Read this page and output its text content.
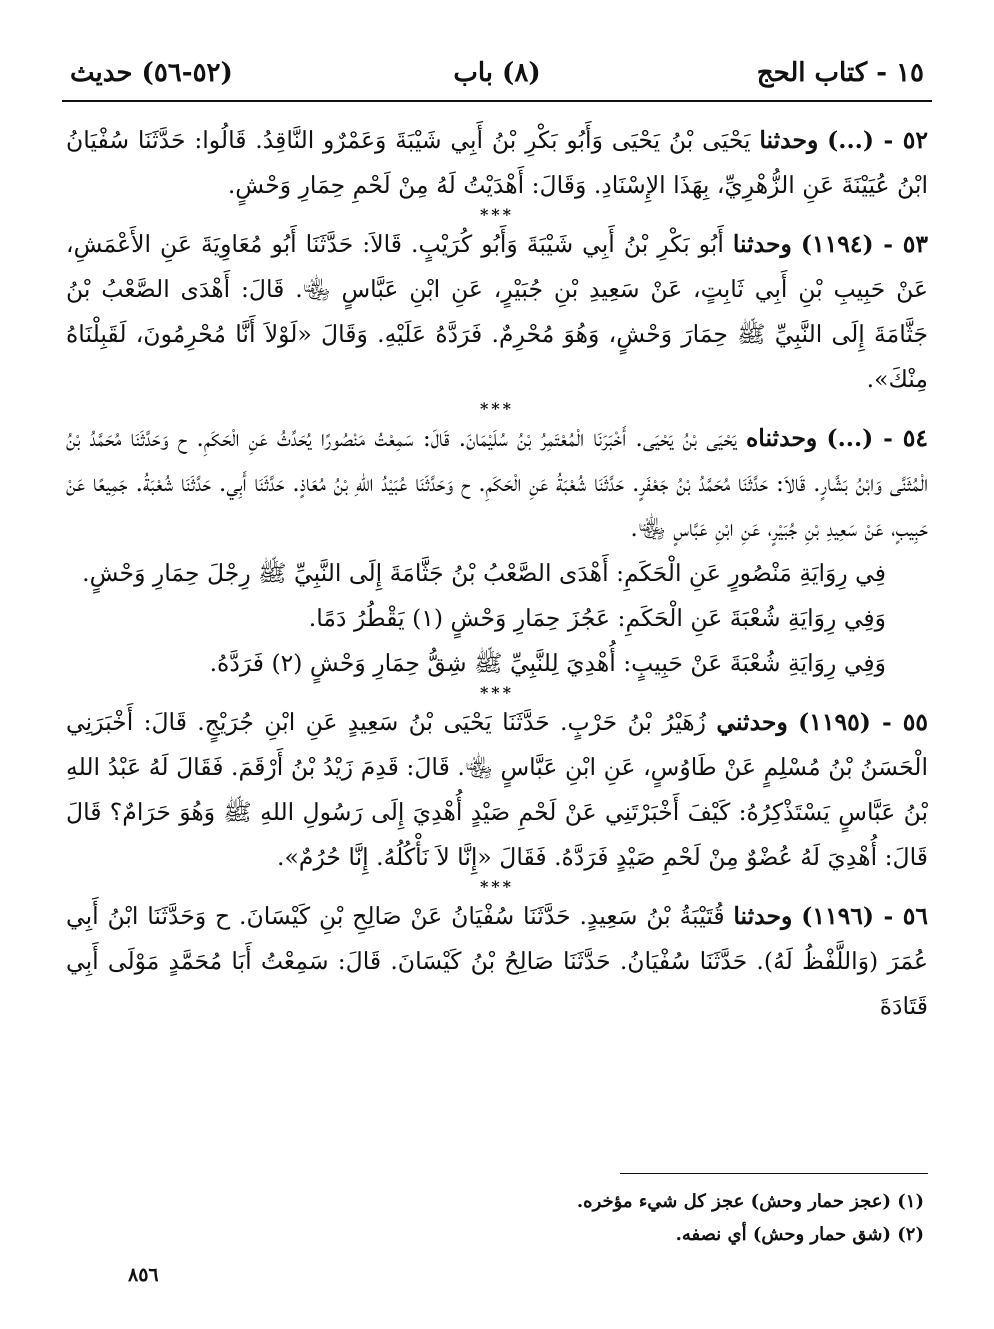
١٥ - كتاب الحج
(٨) باب
(٥٢-٥٦) حديث

٥٢ - (...) وحدثنا يَحْيَى بْنُ يَحْيَى وَأَبُو بَكْرِ بْنُ أَبِي شَيْبَةَ وَعَمْرٌو النَّاقِدُ. قَالُوا: حَدَّثَنَا سُفْيَانُ ابْنُ عُيَيْنَةَ عَنِ الزُّهْرِيِّ، بِهَذَا الإِسْنَادِ. وَقَالَ: أَهْدَيْتُ لَهُ مِنْ لَحْمِ حِمَارِ وَحْشٍ.

***

٥٣ - (١١٩٤) وحدثنا أَبُو بَكْرِ بْنُ أَبِي شَيْبَةَ وَأَبُو كُرَيْبٍ. قَالاَ: حَدَّثَنَا أَبُو مُعَاوِيَةَ عَنِ الأَعْمَشِ، عَنْ حَبِيبِ بْنِ أَبِي ثَابِتٍ، عَنْ سَعِيدِ بْنِ جُبَيْرٍ، عَنِ ابْنِ عَبَّاسٍ ﵄. قَالَ: أَهْدَى الصَّعْبُ بْنُ جَثَّامَةَ إِلَى النَّبِيِّ ﷺ حِمَارَ وَحْشٍ، وَهُوَ مُحْرِمٌ. فَرَدَّهُ عَلَيْهِ. وَقَالَ «لَوْلاَ أَنَّا مُحْرِمُونَ، لَقَبِلْنَاهُ مِنْكَ».

***

٥٤ - (...) وحدثناه يَحْيَى بْنُ يَحْيَى. أَخْبَرَنَا الْمُعْتَمِرُ بْنُ سُلَيْمَانَ. قَالَ: سَمِعْتُ مَنْصُورًا يُحَدِّثُ عَنِ الْحَكَمِ. ح وَحَدَّثَنَا مُحَمَّدُ بْنُ الْمُثَنَّى وَابْنُ بَشَّارٍ. قَالاَ: حَدَّثَنَا مُحَمَّدُ بْنُ جَعْفَرٍ. حَدَّثَنَا شُعْبَةُ عَنِ الْحَكَمِ. ح وَحَدَّثَنَا عُبَيْدُ اللهِ بْنُ مُعَاذٍ. حَدَّثَنَا أَبِي. حَدَّثَنَا شُعْبَةُ. جَمِيعًا عَنْ حَبِيبٍ، عَنْ سَعِيدِ بْنِ جُبَيْرٍ، عَنِ ابْنِ عَبَّاسٍ ﵄.

فِي رِوَايَةِ مَنْصُورٍ عَنِ الْحَكَمِ: أَهْدَى الصَّعْبُ بْنُ جَثَّامَةَ إِلَى النَّبِيِّ ﷺ رِجْلَ حِمَارِ وَحْشٍ.

وَفِي رِوَايَةِ شُعْبَةَ عَنِ الْحَكَمِ: عَجُزَ حِمَارِ وَحْشٍ (١) يَقْطُرُ دَمًا.

وَفِي رِوَايَةِ شُعْبَةَ عَنْ حَبِيبٍ: أُهْدِيَ لِلنَّبِيِّ ﷺ شِقُّ حِمَارِ وَحْشٍ (٢) فَرَدَّهُ.

***

٥٥ - (١١٩٥) وحدثني زُهَيْرُ بْنُ حَرْبٍ. حَدَّثَنَا يَحْيَى بْنُ سَعِيدٍ عَنِ ابْنِ جُرَيْجٍ. قَالَ: أَخْبَرَنِي الْحَسَنُ بْنُ مُسْلِمٍ عَنْ طَاوُسٍ، عَنِ ابْنِ عَبَّاسٍ ﵄. قَالَ: قَدِمَ زَيْدُ بْنُ أَرْقَمَ. فَقَالَ لَهُ عَبْدُ اللهِ بْنُ عَبَّاسٍ يَسْتَذْكِرُهُ: كَيْفَ أَخْبَرْتَنِي عَنْ لَحْمِ صَيْدٍ أُهْدِيَ إِلَى رَسُولِ اللهِ ﷺ وَهُوَ حَرَامٌ؟ قَالَ قَالَ: أُهْدِيَ لَهُ عُضْوٌ مِنْ لَحْمِ صَيْدٍ فَرَدَّهُ. فَقَالَ «إِنَّا لاَ نَأْكُلُهُ. إِنَّا حُرُمٌ».

***

٥٦ - (١١٩٦) وحدثنا قُتَيْبَةُ بْنُ سَعِيدٍ. حَدَّثَنَا سُفْيَانُ عَنْ صَالِحِ بْنِ كَيْسَانَ. ح وَحَدَّثَنَا ابْنُ أَبِي عُمَرَ (وَاللَّفْظُ لَهُ). حَدَّثَنَا سُفْيَانُ. حَدَّثَنَا صَالِحُ بْنُ كَيْسَانَ. قَالَ: سَمِعْتُ أَبَا مُحَمَّدٍ مَوْلَى أَبِي قَتَادَةَ

(١) (عجز حمار وحش) عجز كل شيء مؤخره.
(٢) (شق حمار وحش) أي نصفه.
٨٥٦
